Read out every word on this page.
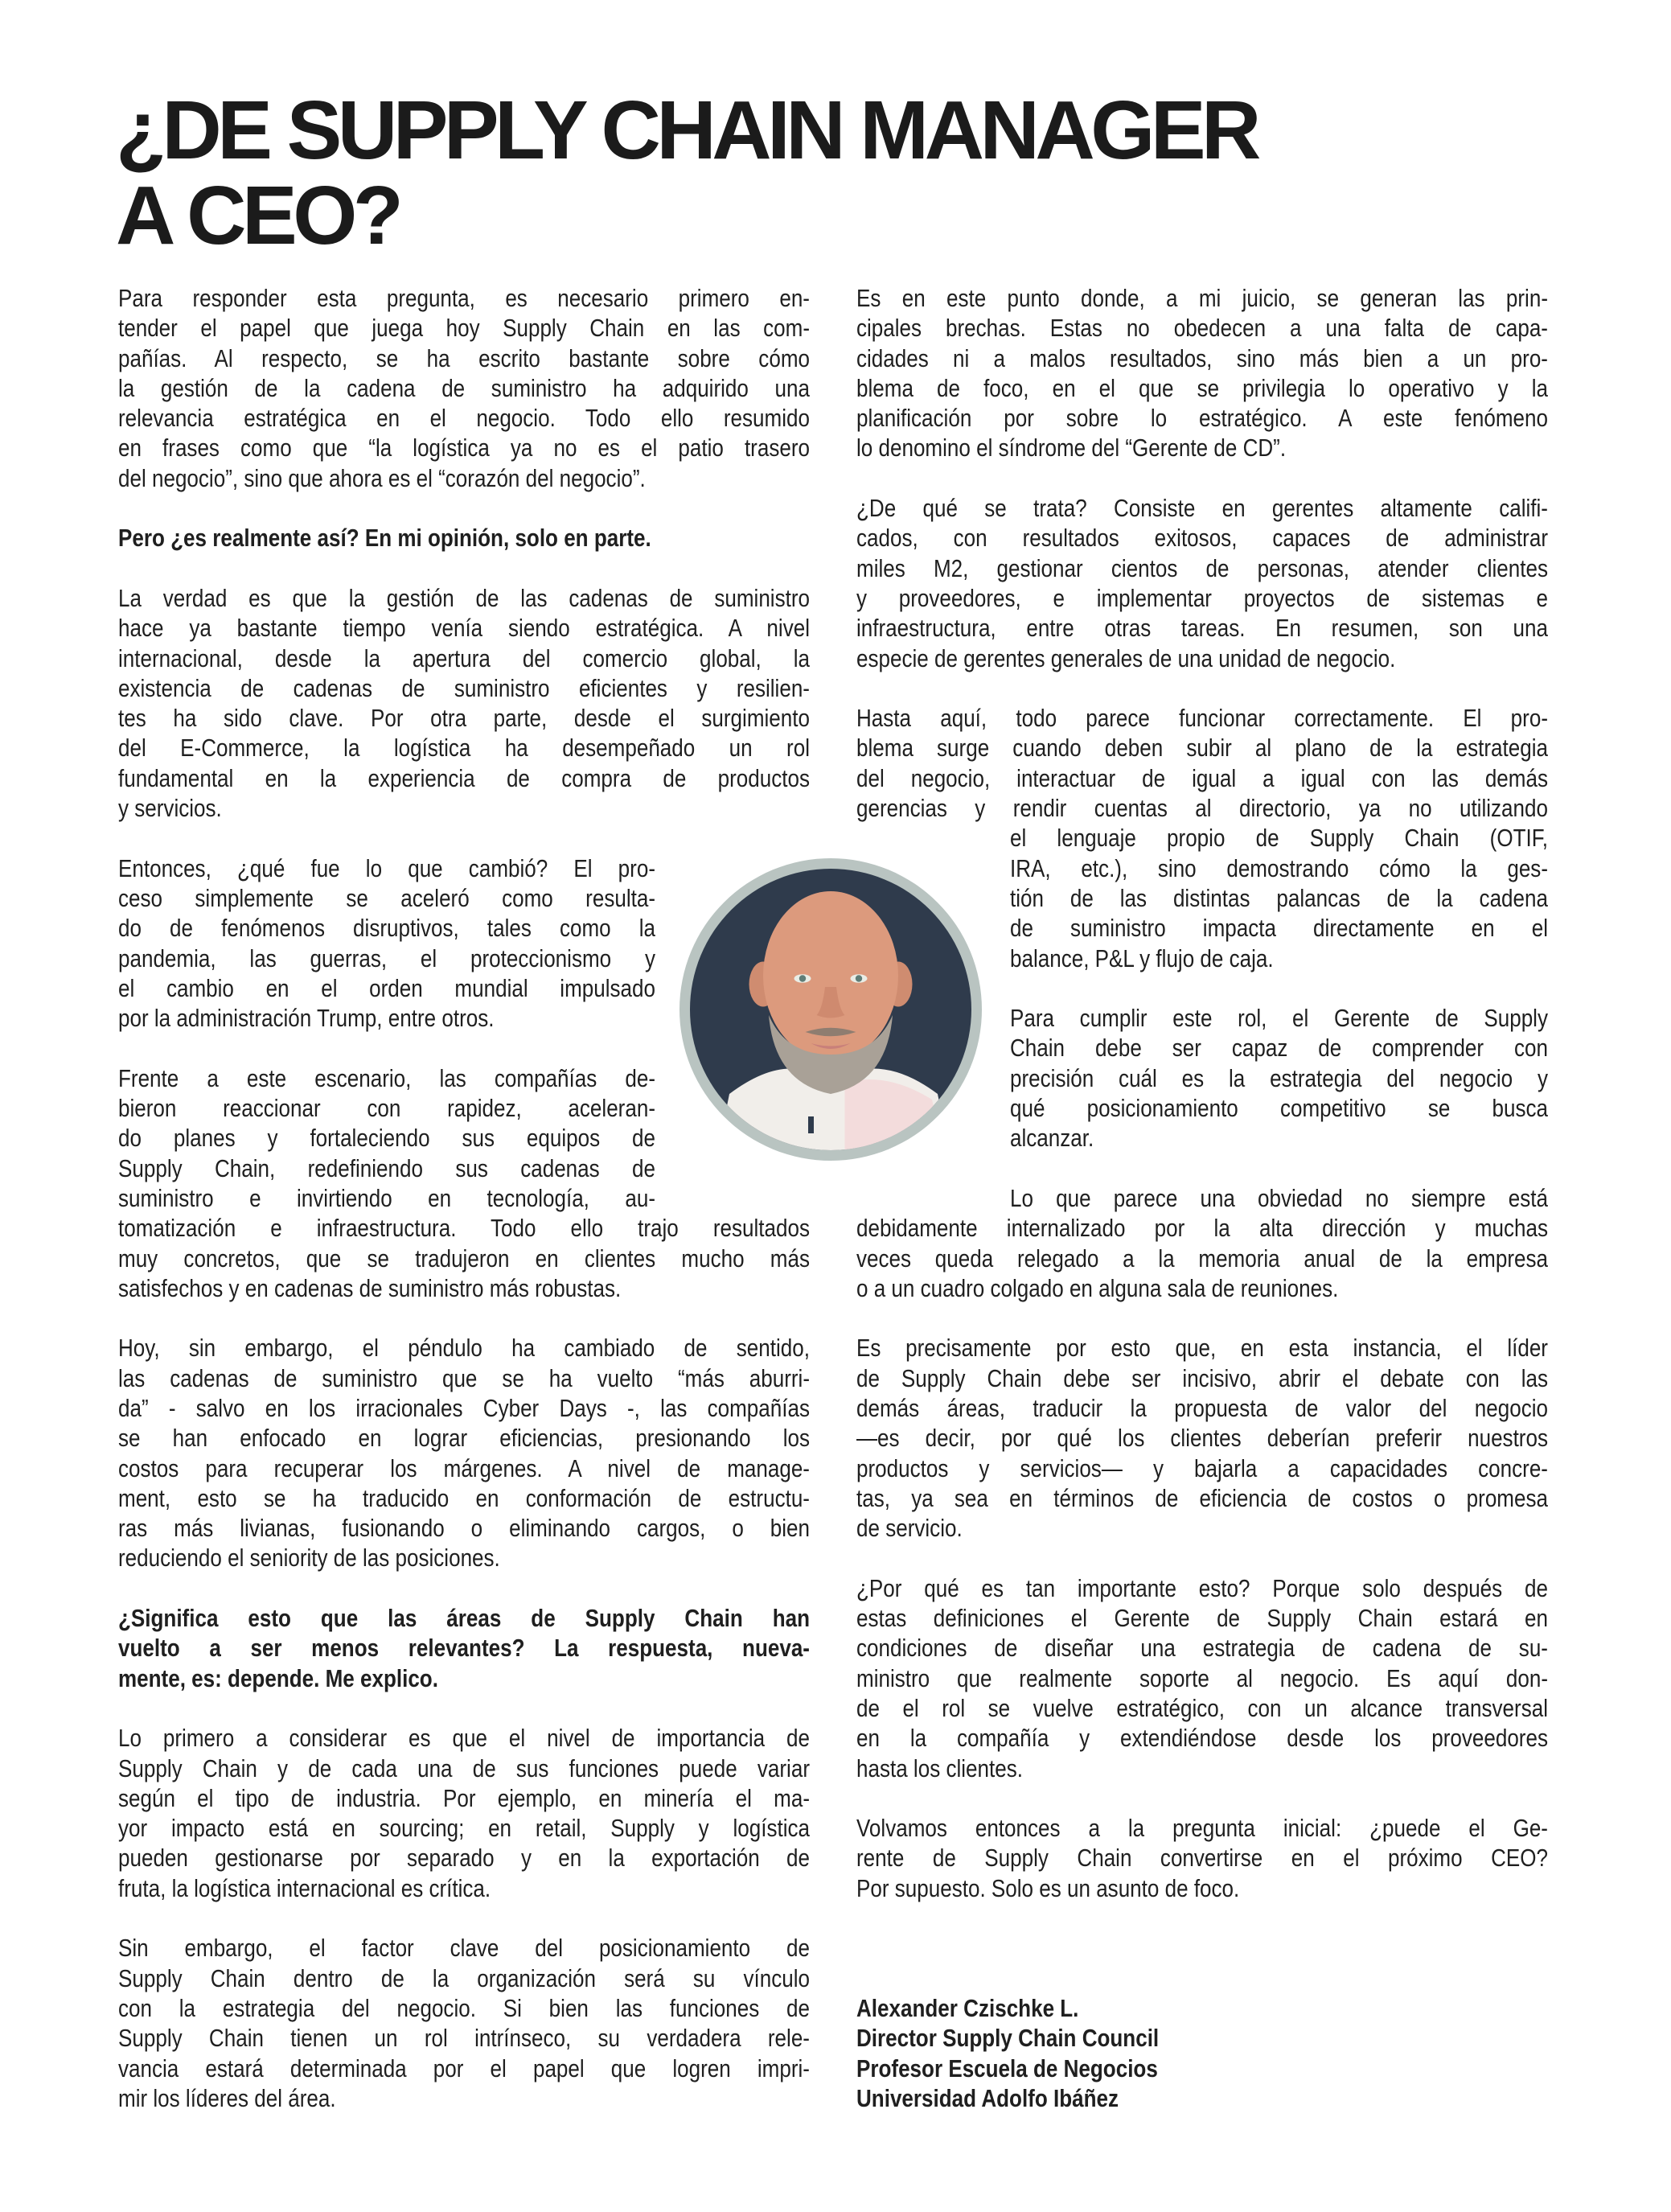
¿DE SUPPLY CHAIN MANAGER
A CEO?
Para responder esta pregunta, es necesario primero en-
tender el papel que juega hoy Supply Chain en las com-
pañías. Al respecto, se ha escrito bastante sobre cómo
la gestión de la cadena de suministro ha adquirido una
relevancia estratégica en el negocio. Todo ello resumido
en frases como que “la logística ya no es el patio trasero
del negocio”, sino que ahora es el “corazón del negocio”.
Pero ¿es realmente así? En mi opinión, solo en parte.
La verdad es que la gestión de las cadenas de suministro
hace ya bastante tiempo venía siendo estratégica. A nivel
internacional, desde la apertura del comercio global, la
existencia de cadenas de suministro eficientes y resilien-
tes ha sido clave. Por otra parte, desde el surgimiento
del E-Commerce, la logística ha desempeñado un rol
fundamental en la experiencia de compra de productos
y servicios.
Entonces, ¿qué fue lo que cambió? El pro-
ceso simplemente se aceleró como resulta-
do de fenómenos disruptivos, tales como la
pandemia, las guerras, el proteccionismo y
el cambio en el orden mundial impulsado
por la administración Trump, entre otros.
Frente a este escenario, las compañías de-
bieron reaccionar con rapidez, aceleran-
do planes y fortaleciendo sus equipos de
Supply Chain, redefiniendo sus cadenas de
suministro e invirtiendo en tecnología, au-
tomatización e infraestructura. Todo ello trajo resultados
muy concretos, que se tradujeron en clientes mucho más
satisfechos y en cadenas de suministro más robustas.
Hoy, sin embargo, el péndulo ha cambiado de sentido,
las cadenas de suministro que se ha vuelto “más aburri-
da” - salvo en los irracionales Cyber Days -, las compañías
se han enfocado en lograr eficiencias, presionando los
costos para recuperar los márgenes. A nivel de manage-
ment, esto se ha traducido en conformación de estructu-
ras más livianas, fusionando o eliminando cargos, o bien
reduciendo el seniority de las posiciones.
¿Significa esto que las áreas de Supply Chain han
vuelto a ser menos relevantes? La respuesta, nueva-
mente, es: depende. Me explico.
Lo primero a considerar es que el nivel de importancia de
Supply Chain y de cada una de sus funciones puede variar
según el tipo de industria. Por ejemplo, en minería el ma-
yor impacto está en sourcing; en retail, Supply y logística
pueden gestionarse por separado y en la exportación de
fruta, la logística internacional es crítica.
Sin embargo, el factor clave del posicionamiento de
Supply Chain dentro de la organización será su vínculo
con la estrategia del negocio. Si bien las funciones de
Supply Chain tienen un rol intrínseco, su verdadera rele-
vancia estará determinada por el papel que logren impri-
mir los líderes del área.
Es en este punto donde, a mi juicio, se generan las prin-
cipales brechas. Estas no obedecen a una falta de capa-
cidades ni a malos resultados, sino más bien a un pro-
blema de foco, en el que se privilegia lo operativo y la
planificación por sobre lo estratégico. A este fenómeno
lo denomino el síndrome del “Gerente de CD”.
¿De qué se trata? Consiste en gerentes altamente califi-
cados, con resultados exitosos, capaces de administrar
miles M2, gestionar cientos de personas, atender clientes
y proveedores, e implementar proyectos de sistemas e
infraestructura, entre otras tareas. En resumen, son una
especie de gerentes generales de una unidad de negocio.
Hasta aquí, todo parece funcionar correctamente. El pro-
blema surge cuando deben subir al plano de la estrategia
del negocio, interactuar de igual a igual con las demás
gerencias y rendir cuentas al directorio, ya no utilizando
el lenguaje propio de Supply Chain (OTIF,
IRA, etc.), sino demostrando cómo la ges-
tión de las distintas palancas de la cadena
de suministro impacta directamente en el
balance, P&L y flujo de caja.
Para cumplir este rol, el Gerente de Supply
Chain debe ser capaz de comprender con
precisión cuál es la estrategia del negocio y
qué posicionamiento competitivo se busca
alcanzar.
Lo que parece una obviedad no siempre está
debidamente internalizado por la alta dirección y muchas
veces queda relegado a la memoria anual de la empresa
o a un cuadro colgado en alguna sala de reuniones.
Es precisamente por esto que, en esta instancia, el líder
de Supply Chain debe ser incisivo, abrir el debate con las
demás áreas, traducir la propuesta de valor del negocio
—es decir, por qué los clientes deberían preferir nuestros
productos y servicios— y bajarla a capacidades concre-
tas, ya sea en términos de eficiencia de costos o promesa
de servicio.
¿Por qué es tan importante esto? Porque solo después de
estas definiciones el Gerente de Supply Chain estará en
condiciones de diseñar una estrategia de cadena de su-
ministro que realmente soporte al negocio. Es aquí don-
de el rol se vuelve estratégico, con un alcance transversal
en la compañía y extendiéndose desde los proveedores
hasta los clientes.
Volvamos entonces a la pregunta inicial: ¿puede el Ge-
rente de Supply Chain convertirse en el próximo CEO?
Por supuesto. Solo es un asunto de foco.
Alexander Czischke L.
Director Supply Chain Council
Profesor Escuela de Negocios
Universidad Adolfo Ibáñez
